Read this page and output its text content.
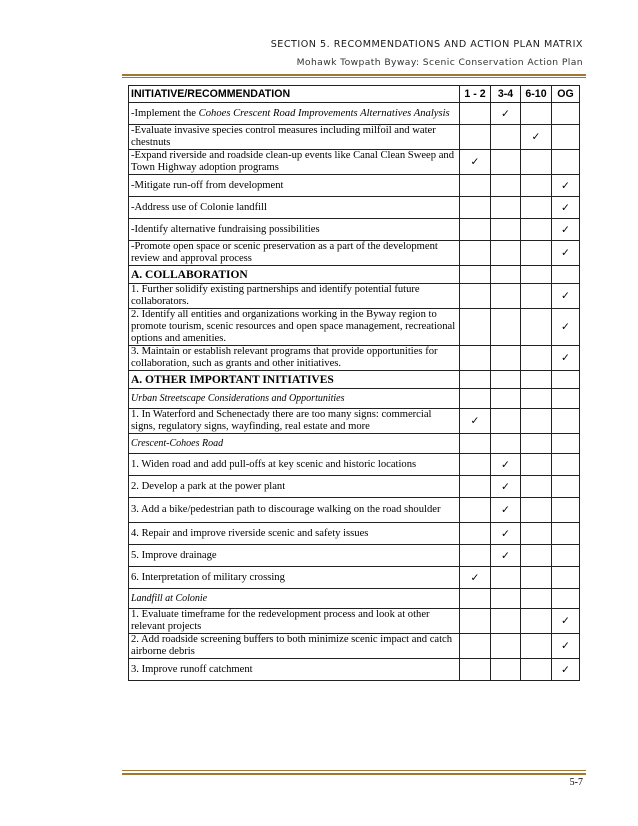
SECTION 5. RECOMMENDATIONS AND ACTION PLAN MATRIX
Mohawk Towpath Byway: Scenic Conservation Action Plan
INITIATIVE/RECOMMENDATION	1 - 2	3-4	6-10	OG
-Implement the Cohoes Crescent Road Improvements Alternatives Analysis		✓		
-Evaluate invasive species control measures including milfoil and water chestnuts			✓	
-Expand riverside and roadside clean-up events like Canal Clean Sweep and Town Highway adoption programs	✓			
-Mitigate run-off from development				✓
-Address use of Colonie landfill				✓
-Identify alternative fundraising possibilities				✓
-Promote open space or scenic preservation as a part of the development review and approval process				✓
A. COLLABORATION				
1. Further solidify existing partnerships and identify potential future collaborators.				✓
2. Identify all entities and organizations working in the Byway region to promote tourism, scenic resources and open space management, recreational options and amenities.				✓
3. Maintain or establish relevant programs that provide opportunities for collaboration, such as grants and other initiatives.				✓
A. OTHER IMPORTANT INITIATIVES				
Urban Streetscape Considerations and Opportunities				
1. In Waterford and Schenectady there are too many signs: commercial signs, regulatory signs, wayfinding, real estate and more	✓			
Crescent-Cohoes Road				
1. Widen road and add pull-offs at key scenic and historic locations		✓		
2. Develop a park at the power plant		✓		
3. Add a bike/pedestrian path to discourage walking on the road shoulder		✓		
4. Repair and improve riverside scenic and safety issues		✓		
5. Improve drainage		✓		
6. Interpretation of military crossing	✓			
Landfill at Colonie				
1. Evaluate timeframe for the redevelopment process and look at other relevant projects				✓
2. Add roadside screening buffers to both minimize scenic impact and catch airborne debris				✓
3. Improve runoff catchment				✓
5-7
